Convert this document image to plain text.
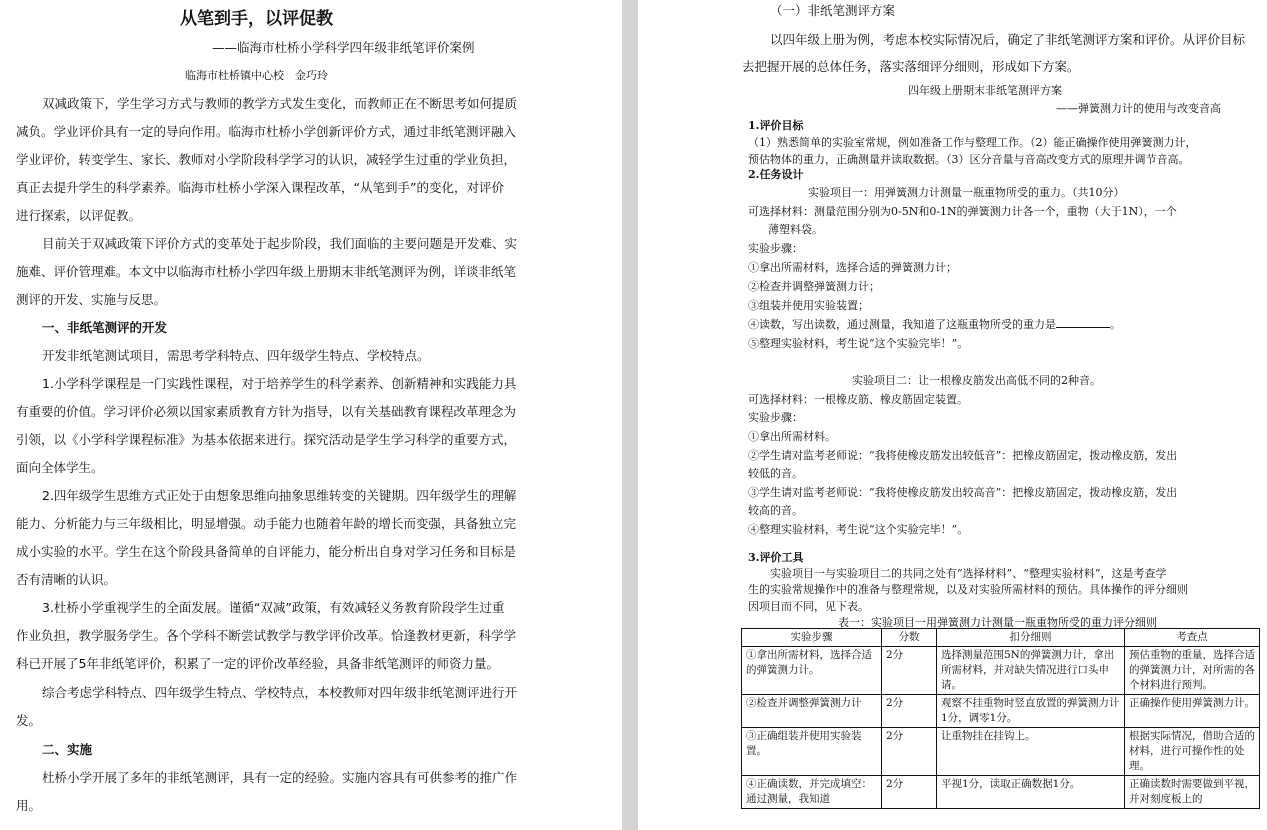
从笔到手，以评促教
——临海市杜桥小学科学四年级非纸笔评价案例
临海市杜桥镇中心校　金巧玲
双减政策下，学生学习方式与教师的教学方式发生变化，而教师正在不断思考如何提质
减负。学业评价具有一定的导向作用。临海市杜桥小学创新评价方式，通过非纸笔测评融入
学业评价，转变学生、家长、教师对小学阶段科学学习的认识，减轻学生过重的学业负担，
真正去提升学生的科学素养。临海市杜桥小学深入课程改革，“从笔到手”的变化，对评价
进行探索，以评促教。
目前关于双减政策下评价方式的变革处于起步阶段，我们面临的主要问题是开发难、实
施难、评价管理难。本文中以临海市杜桥小学四年级上册期末非纸笔测评为例，详谈非纸笔
测评的开发、实施与反思。
一、非纸笔测评的开发
开发非纸笔测试项目，需思考学科特点、四年级学生特点、学校特点。
1.小学科学课程是一门实践性课程，对于培养学生的科学素养、创新精神和实践能力具
有重要的价值。学习评价必须以国家素质教育方针为指导，以有关基础教育课程改革理念为
引领，以《小学科学课程标准》为基本依据来进行。探究活动是学生学习科学的重要方式，
面向全体学生。
2.四年级学生思维方式正处于由想象思维向抽象思维转变的关键期。四年级学生的理解
能力、分析能力与三年级相比，明显增强。动手能力也随着年龄的增长而变强，具备独立完
成小实验的水平。学生在这个阶段具备简单的自评能力，能分析出自身对学习任务和目标是
否有清晰的认识。
3.杜桥小学重视学生的全面发展。谨循“双减”政策，有效减轻义务教育阶段学生过重
作业负担，教学服务学生。各个学科不断尝试教学与教学评价改革。恰逢教材更新，科学学
科已开展了5年非纸笔评价，积累了一定的评价改革经验，具备非纸笔测评的师资力量。
综合考虑学科特点、四年级学生特点、学校特点，本校教师对四年级非纸笔测评进行开
发。
二、实施
杜桥小学开展了多年的非纸笔测评，具有一定的经验。实施内容具有可供参考的推广作
用。
（一）非纸笔测评方案
以四年级上册为例，考虑本校实际情况后，确定了非纸笔测评方案和评价。从评价目标
去把握开展的总体任务，落实落细评分细则，形成如下方案。
四年级上册期末非纸笔测评方案
——弹簧测力计的使用与改变音高
1.评价目标
（1）熟悉简单的实验室常规，例如准备工作与整理工作。（2）能正确操作使用弹簧测力计，
预估物体的重力，正确测量并读取数据。（3）区分音量与音高改变方式的原理并调节音高。
2.任务设计
实验项目一：用弹簧测力计测量一瓶重物所受的重力。（共10分）
可选择材料：测量范围分别为0-5N和0-1N的弹簧测力计各一个，重物（大于1N），一个
薄塑料袋。
实验步骤：
①拿出所需材料，选择合适的弹簧测力计；
②检查并调整弹簧测力计；
③组装并使用实验装置；
④读数，写出读数，通过测量，我知道了这瓶重物所受的重力是	。
⑤整理实验材料，考生说“这个实验完毕！”。
实验项目二：让一根橡皮筋发出高低不同的2种音。
可选择材料：一根橡皮筋、橡皮筋固定装置。
实验步骤：
①拿出所需材料。
②学生请对监考老师说：“我将使橡皮筋发出较低音”：把橡皮筋固定，拨动橡皮筋，发出
较低的音。
③学生请对监考老师说：“我将使橡皮筋发出较高音”：把橡皮筋固定，拨动橡皮筋，发出
较高的音。
④整理实验材料，考生说“这个实验完毕！”。
3.评价工具
实验项目一与实验项目二的共同之处有“选择材料”、“整理实验材料”，这是考查学
生的实验常规操作中的准备与整理常规，以及对实验所需材料的预估。具体操作的评分细则
因项目而不同，见下表。
表一：实验项目一用弹簧测力计测量一瓶重物所受的重力评分细则
实验步骤	分数	扣分细则	考查点
①拿出所需材料，选择合适的弹簧测力计。	2分	选择测量范围5N的弹簧测力计，拿出所需材料，并对缺失情况进行口头申请。	预估重物的重量，选择合适的弹簧测力计，对所需的各个材料进行预判。
②检查并调整弹簧测力计	2分	观察不挂重物时竖直放置的弹簧测力计1分，调零1分。	正确操作使用弹簧测力计。
③正确组装并使用实验装置。	2分	让重物挂在挂钩上。	根据实际情况，借助合适的材料，进行可操作性的处理。
④正确读数，并完成填空：通过测量，我知道	2分	平视1分，读取正确数据1分。	正确读数时需要做到平视，并对刻度板上的
